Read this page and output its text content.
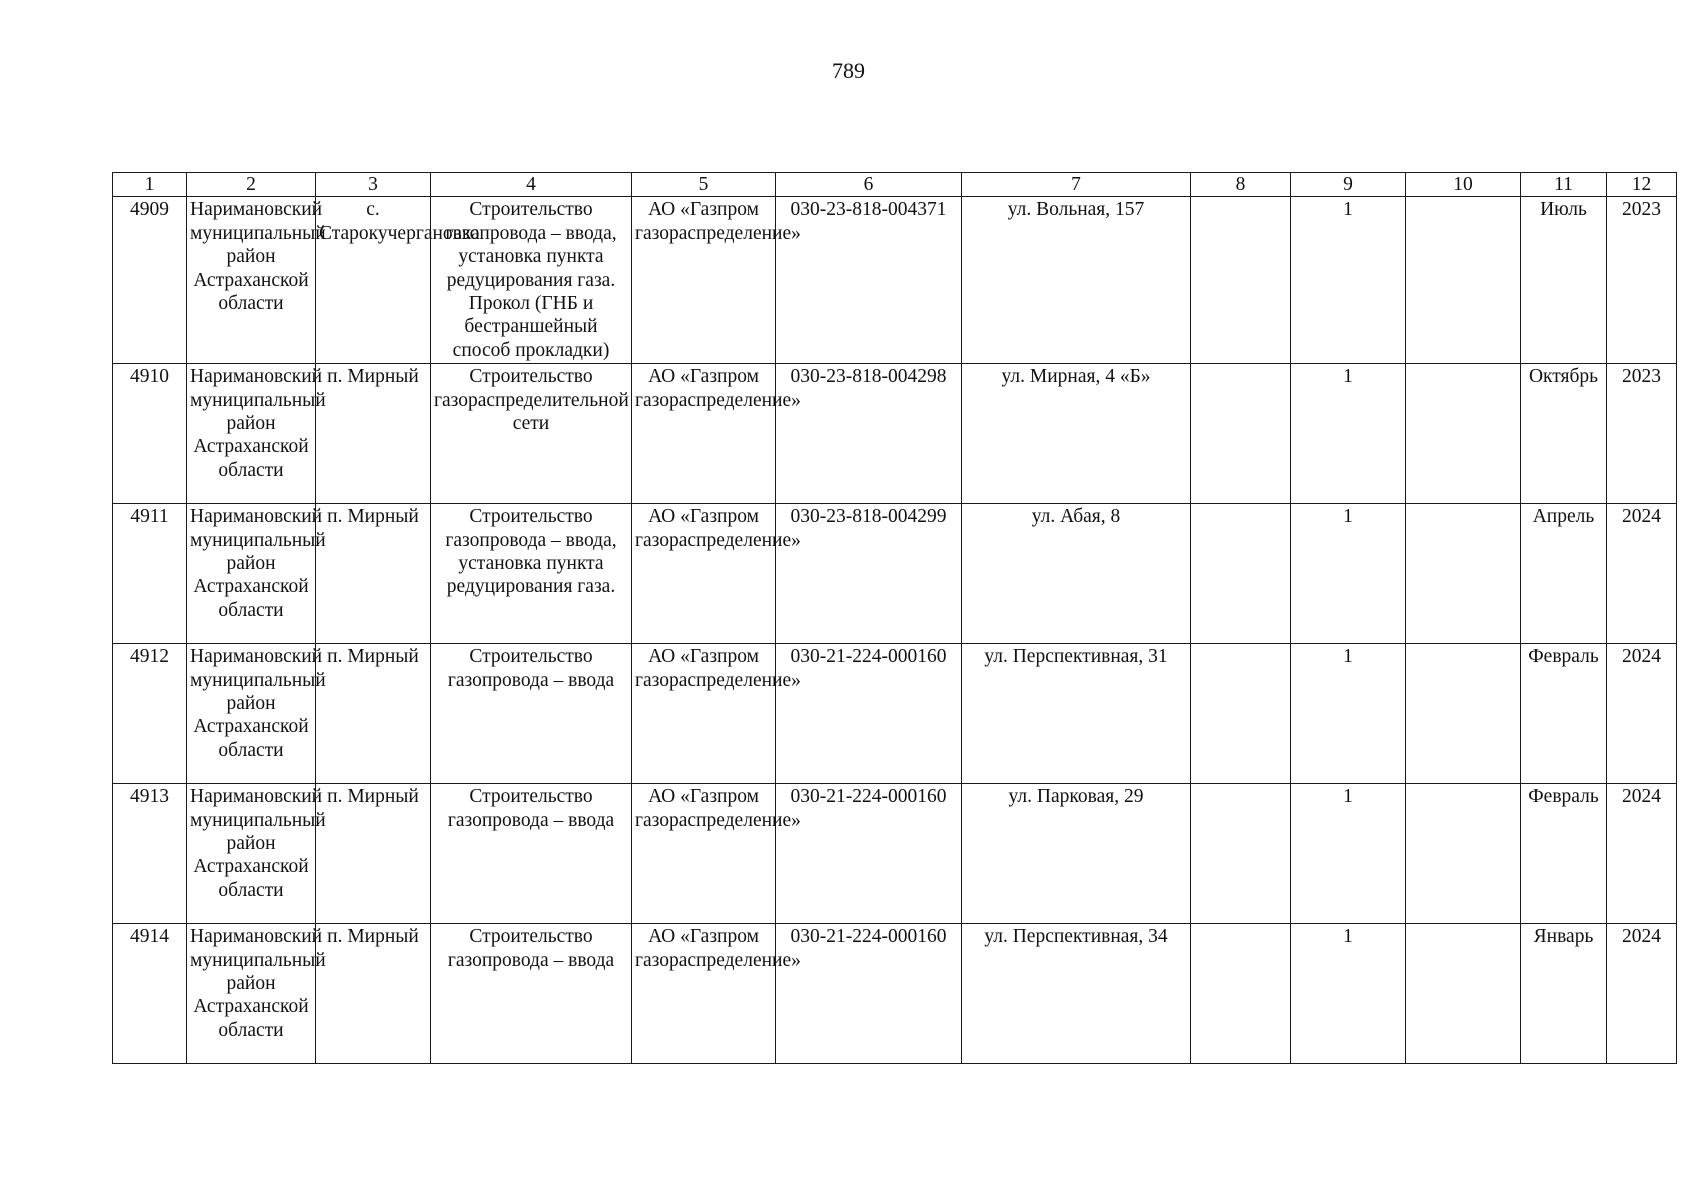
789
1	2	3	4	5	6	7	8	9	10	11	12
4909	Наримановский муниципальный район Астраханской области	с. Старокучергановка	Строительство газопровода – ввода, установка пункта редуцирования газа. Прокол (ГНБ и бестраншейный способ прокладки)	АО «Газпром газораспределение»	030-23-818-004371	ул. Вольная, 157		1		Июль	2023
4910	Наримановский муниципальный район Астраханской области	п. Мирный	Строительство газораспределительной сети	АО «Газпром газораспределение»	030-23-818-004298	ул. Мирная, 4 «Б»		1		Октябрь	2023
4911	Наримановский муниципальный район Астраханской области	п. Мирный	Строительство газопровода – ввода, установка пункта редуцирования газа.	АО «Газпром газораспределение»	030-23-818-004299	ул. Абая, 8		1		Апрель	2024
4912	Наримановский муниципальный район Астраханской области	п. Мирный	Строительство газопровода – ввода	АО «Газпром газораспределение»	030-21-224-000160	ул. Перспективная, 31		1		Февраль	2024
4913	Наримановский муниципальный район Астраханской области	п. Мирный	Строительство газопровода – ввода	АО «Газпром газораспределение»	030-21-224-000160	ул. Парковая, 29		1		Февраль	2024
4914	Наримановский муниципальный район Астраханской области	п. Мирный	Строительство газопровода – ввода	АО «Газпром газораспределение»	030-21-224-000160	ул. Перспективная, 34		1		Январь	2024
